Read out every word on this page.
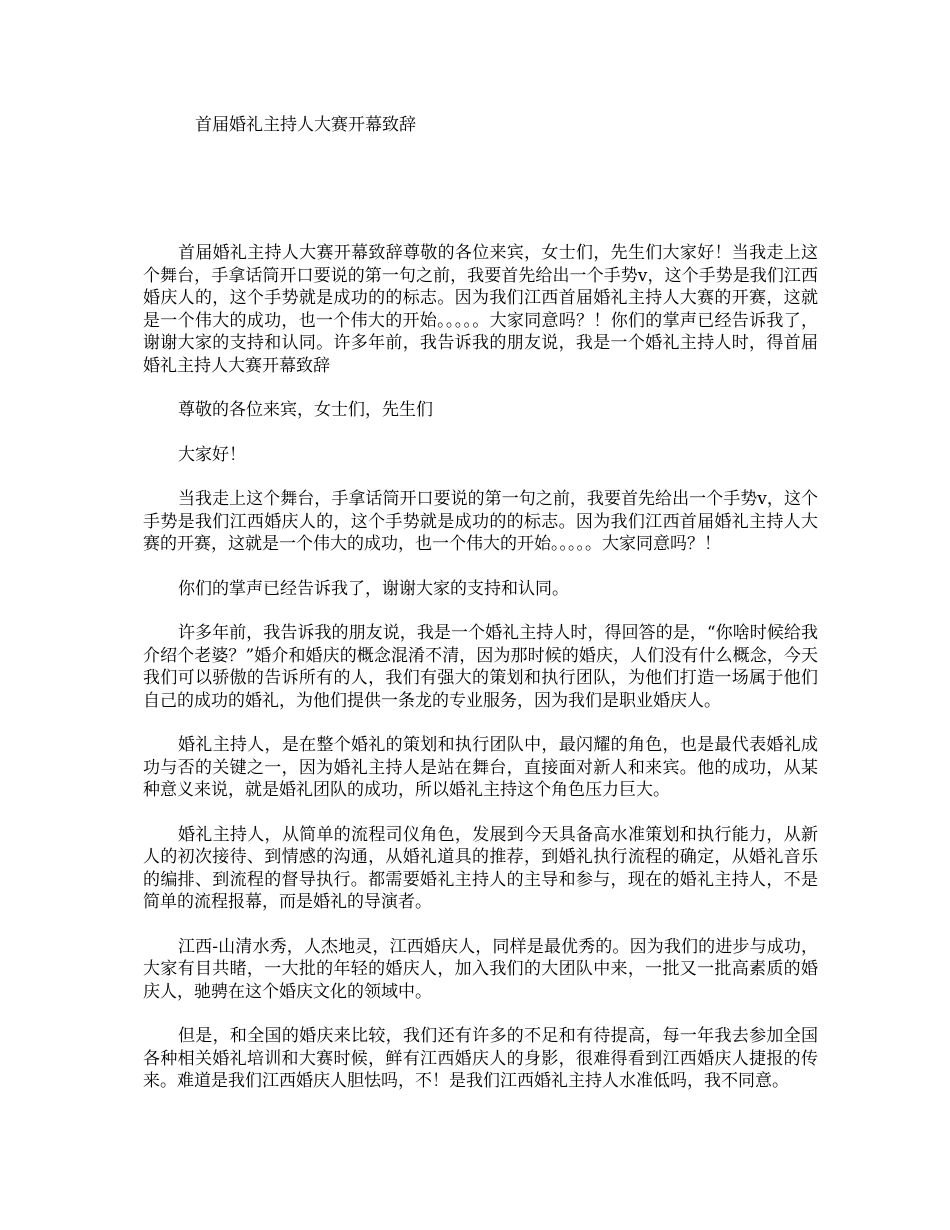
首届婚礼主持人大赛开幕致辞

首届婚礼主持人大赛开幕致辞尊敬的各位来宾，女士们，先生们大家好！当我走上这个舞台，手拿话筒开口要说的第一句之前，我要首先给出一个手势v，这个手势是我们江西婚庆人的，这个手势就是成功的的标志。因为我们江西首届婚礼主持人大赛的开赛，这就是一个伟大的成功，也一个伟大的开始。。。。。大家同意吗？！你们的掌声已经告诉我了，谢谢大家的支持和认同。许多年前，我告诉我的朋友说，我是一个婚礼主持人时，得首届婚礼主持人大赛开幕致辞

尊敬的各位来宾，女士们，先生们

大家好！

当我走上这个舞台，手拿话筒开口要说的第一句之前，我要首先给出一个手势v，这个手势是我们江西婚庆人的，这个手势就是成功的的标志。因为我们江西首届婚礼主持人大赛的开赛，这就是一个伟大的成功，也一个伟大的开始。。。。。大家同意吗？！

你们的掌声已经告诉我了，谢谢大家的支持和认同。

许多年前，我告诉我的朋友说，我是一个婚礼主持人时，得回答的是，“你啥时候给我介绍个老婆？”婚介和婚庆的概念混淆不清，因为那时候的婚庆，人们没有什么概念，今天我们可以骄傲的告诉所有的人，我们有强大的策划和执行团队，为他们打造一场属于他们自己的成功的婚礼，为他们提供一条龙的专业服务，因为我们是职业婚庆人。

婚礼主持人，是在整个婚礼的策划和执行团队中，最闪耀的角色，也是最代表婚礼成功与否的关键之一，因为婚礼主持人是站在舞台，直接面对新人和来宾。他的成功，从某种意义来说，就是婚礼团队的成功，所以婚礼主持这个角色压力巨大。

婚礼主持人，从简单的流程司仪角色，发展到今天具备高水准策划和执行能力，从新人的初次接待、到情感的沟通，从婚礼道具的推荐，到婚礼执行流程的确定，从婚礼音乐的编排、到流程的督导执行。都需要婚礼主持人的主导和参与，现在的婚礼主持人，不是简单的流程报幕，而是婚礼的导演者。

江西-山清水秀，人杰地灵，江西婚庆人，同样是最优秀的。因为我们的进步与成功，大家有目共睹，一大批的年轻的婚庆人，加入我们的大团队中来，一批又一批高素质的婚庆人，驰骋在这个婚庆文化的领域中。

但是，和全国的婚庆来比较，我们还有许多的不足和有待提高，每一年我去参加全国各种相关婚礼培训和大赛时候，鲜有江西婚庆人的身影，很难得看到江西婚庆人捷报的传来。难道是我们江西婚庆人胆怯吗，不！是我们江西婚礼主持人水准低吗，我不同意。
